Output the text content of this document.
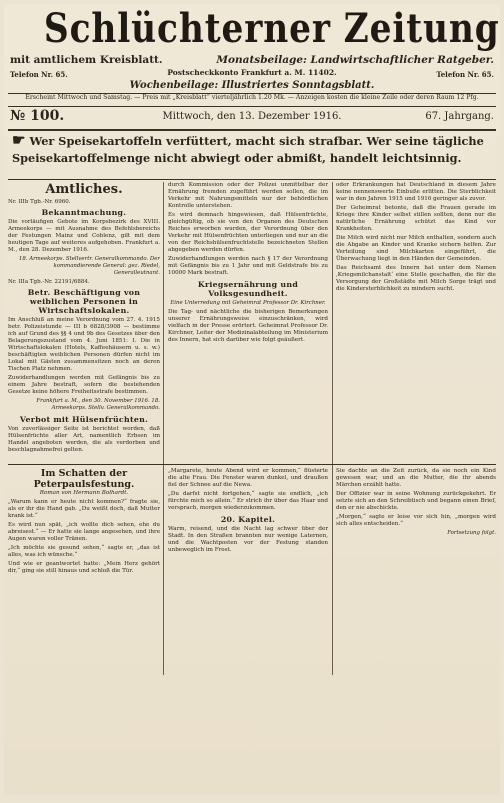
Schlüchterner Zeitung
mit amtlichem Kreisblatt.	Monatsbeilage: Landwirtschaftlicher Ratgeber.
Telefon Nr. 65.	Postscheckkonto Frankfurt a. M. 11402.	Telefon Nr. 65.
Wochenbeilage: Illustriertes Sonntagsblatt.
Erscheint Mittwoch und Samstag. — Preis mit „Kreisblatt“ vierteljährlich 1.20 Mk. — Anzeigen kosten die kleine Zeile oder deren Raum 12 Pfg.
№ 100.	Mittwoch, den 13. Dezember 1916.	67. Jahrgang.
☛ Wer Speisekartoffeln verfüttert, macht sich strafbar. Wer seine tägliche Speisekartoffelmenge nicht abwiegt oder abmißt, handelt leichtsinnig.
Amtliches.
Nr. IIIb Tgb.-Nr. 6960.
Bekanntmachung.

Die vorläufigen Gebote im Korpsbezirk des XVIII. Armeekorps — mit Ausnahme des Befehlsbereichs der Festungen Mainz und Coblenz, gilt mit dem heutigen Tage auf weiteres aufgehoben. Frankfurt a. M., den 28. Dezember 1916.

18. Armeekorps. Stellvertr. Generalkommando. Der kommandierende General: gez. Riedel, Generalleutnant.

Nr. IIIa Tgb.-Nr. 22191/6884.
Betr. Beschäftigung von weiblichen Personen in Wirtschaftslokalen.

Im Anschluß an meine Verordnung vom 27. 4. 1915 betr. Polizeistunde — III b 6828/3908 — bestimme ich auf Grund des §§ 4 und 9b des Gesetzes über den Belagerungszustand vom 4. Juni 1851: I. Die in Wirtschaftslokalen (Hotels, Kaffeehäusern u. s. w.) beschäftigten weiblichen Personen dürfen nicht im Lokal mit Gästen zusammensitzen noch an deren Tischen Platz nehmen.

Zuwiderhandlungen werden mit Gefängnis bis zu einem Jahre bestraft, sofern die bestehenden Gesetze keine höhere Freiheitsstrafe bestimmen.

Frankfurt a. M., den 30. November 1916. 18. Armeekorps. Stellv. Generalkommando.

Verbot mit Hülsenfrüchten.

Von zuverlässiger Seite ist berichtet worden, daß Hülsenfrüchte aller Art, namentlich Erbsen im Handel angeboten werden, die als verdorben und beschlagnahmefrei gelten.

durch Kommission oder der Polizei unmittelbar der Ernährung fremden zugeführt werden sollen, die im Verkehr mit Nahrungsmitteln nur der behördlichen Kontrolle unterstehen.

Es wird demnach hingewiesen, daß Hülsenfrüchte, gleichgültig, ob sie von den Organen des Deutschen Reiches erworben wurden, der Verordnung über den Verkehr mit Hülsenfrüchten unterliegen und nur an die von der Reichshülsenfruchtstelle bezeichneten Stellen abgegeben werden dürfen.

Zuwiderhandlungen werden nach § 17 der Verordnung mit Gefängnis bis zu 1 Jahr und mit Geldstrafe bis zu 10000 Mark bestraft.

Kriegsernährung und Volksgesundheit.

Eine Unterredung mit Geheimrat Professor Dr. Kirchner.

Die Tag- und nächtliche die bisherigen Bemerkungen unserer Ernährungsweise einzuschränken, wird vielfach in der Presse erörtert. Geheimrat Professor Dr. Kirchner, Leiter der Medizinalabteilung im Ministerium des Innern, hat sich darüber wie folgt geäußert.

oder Erkrankungen hat Deutschland in diesem Jahre keine nennenswerte Einbuße erlitten. Die Sterblichkeit war in den Jahren 1915 und 1916 geringer als zuvor.

Der Geheimrat betonte, daß die Frauen gerade im Kriege ihre Kinder selbst stillen sollten, denn nur die natürliche Ernährung schützt das Kind vor Krankheiten.

Die Milch wird nicht nur Milch enthalten, sondern auch die Abgabe an Kinder und Kranke sichern helfen. Zur Verteilung sind Milchkarten eingeführt, die Überwachung liegt in den Händen der Gemeinden.

Das Reichsamt des Innern hat unter dem Namen ‚Kriegsmilchanstalt‘ eine Stelle geschaffen, die für die Versorgung der Großstädte mit Milch Sorge trägt und die Kindersterblichkeit zu mindern sucht.

Im Schatten der Peterpaulsfestung.

Roman von Hermann Bolhardt.

„Warum kann er heute nicht kommen?“ fragte sie, als er ihr die Hand gab. „Du weißt doch, daß Mutter krank ist.“

Es wird nun spät, „ich wollte dich sehen, ehe du abreisest.“ — Er hatte sie lange angesehen, und ihre Augen waren voller Tränen.

„Ich möchte sie gesund sehen,“ sagte er, „das ist alles, was ich wünsche.“

Und wie er geantwortet hatte: „Mein Herz gehört dir,“ ging sie still hinaus und schloß die Tür.

„Margarete, heute Abend wird er kommen,“ flüsterte die alte Frau. Die Fenster waren dunkel, und draußen fiel der Schnee auf die Newa.

„Du darfst nicht fortgehen,“ sagte sie endlich, „ich fürchte mich so allein.“ Er strich ihr über das Haar und versprach, morgen wiederzukommen.

20. Kapitel.

Warm, reisend, und die Nacht lag schwer über der Stadt. In den Straßen brannten nur wenige Laternen, und die Wachtposten vor der Festung standen unbeweglich im Frost.

Sie dachte an die Zeit zurück, da sie noch ein Kind gewesen war, und an die Mutter, die ihr abends Märchen erzählt hatte.

Der Offizier war in seine Wohnung zurückgekehrt. Er setzte sich an den Schreibtisch und begann einen Brief, den er nie abschickte.

„Morgen,“ sagte er leise vor sich hin, „morgen wird sich alles entscheiden.“

Fortsetzung folgt.
